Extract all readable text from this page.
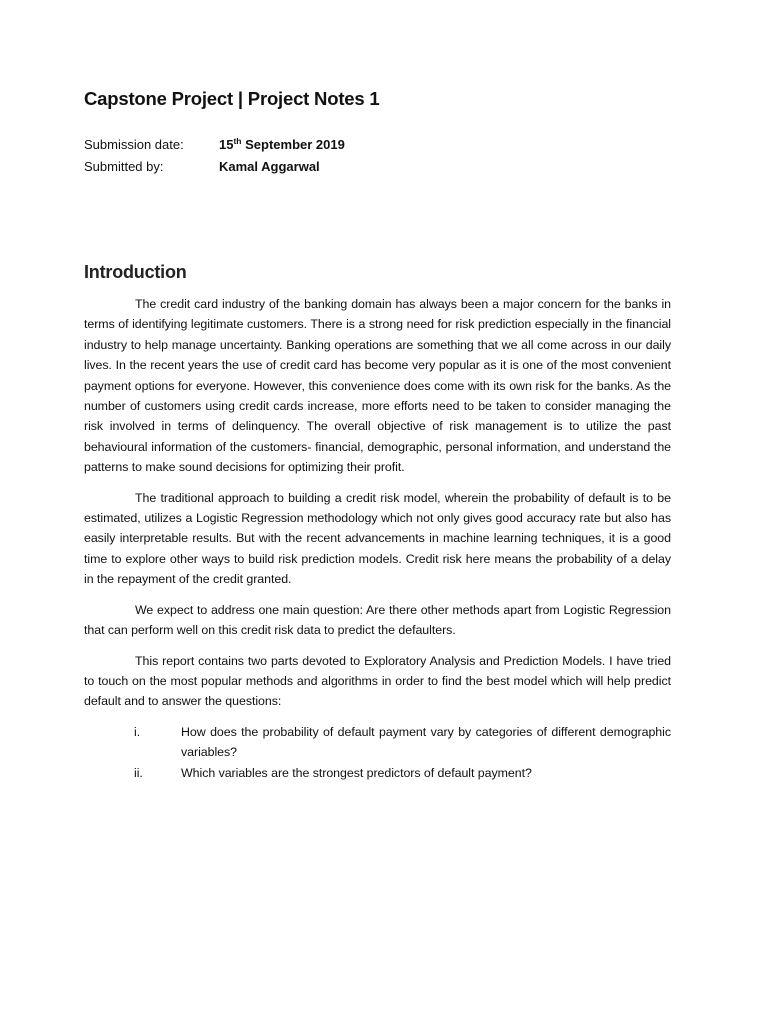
Capstone Project | Project Notes 1
Submission date:	15th September 2019
Submitted by:	Kamal Aggarwal
Introduction

The credit card industry of the banking domain has always been a major concern for the banks in terms of identifying legitimate customers. There is a strong need for risk prediction especially in the financial industry to help manage uncertainty. Banking operations are something that we all come across in our daily lives. In the recent years the use of credit card has become very popular as it is one of the most convenient payment options for everyone. However, this convenience does come with its own risk for the banks. As the number of customers using credit cards increase, more efforts need to be taken to consider managing the risk involved in terms of delinquency. The overall objective of risk management is to utilize the past behavioural information of the customers- financial, demographic, personal information, and understand the patterns to make sound decisions for optimizing their profit.

The traditional approach to building a credit risk model, wherein the probability of default is to be estimated, utilizes a Logistic Regression methodology which not only gives good accuracy rate but also has easily interpretable results. But with the recent advancements in machine learning techniques, it is a good time to explore other ways to build risk prediction models. Credit risk here means the probability of a delay in the repayment of the credit granted.

We expect to address one main question: Are there other methods apart from Logistic Regression that can perform well on this credit risk data to predict the defaulters.

This report contains two parts devoted to Exploratory Analysis and Prediction Models. I have tried to touch on the most popular methods and algorithms in order to find the best model which will help predict default and to answer the questions:

i.	How does the probability of default payment vary by categories of different demographic variables?
ii.	Which variables are the strongest predictors of default payment?
